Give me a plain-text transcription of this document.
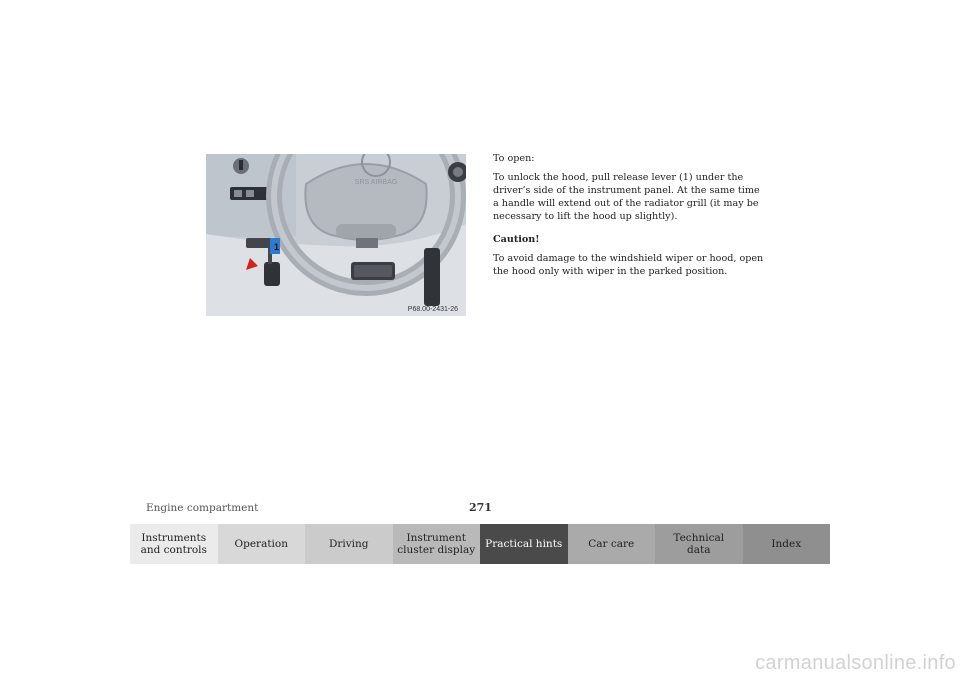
SRS AIRBAG
1
P68.00-2431-26

To open:

To unlock the hood, pull release lever (1) under the driver’s side of the instrument panel. At the same time a handle will extend out of the radiator grill (it may be necessary to lift the hood up slightly).

Caution!

To avoid damage to the windshield wiper or hood, open the hood only with wiper in the parked position.

Engine compartment	271
Instruments
and controls	Operation	Driving	Instrument
cluster display Practical hints Car care	Technical
data	Index
carmanualsonline.info
